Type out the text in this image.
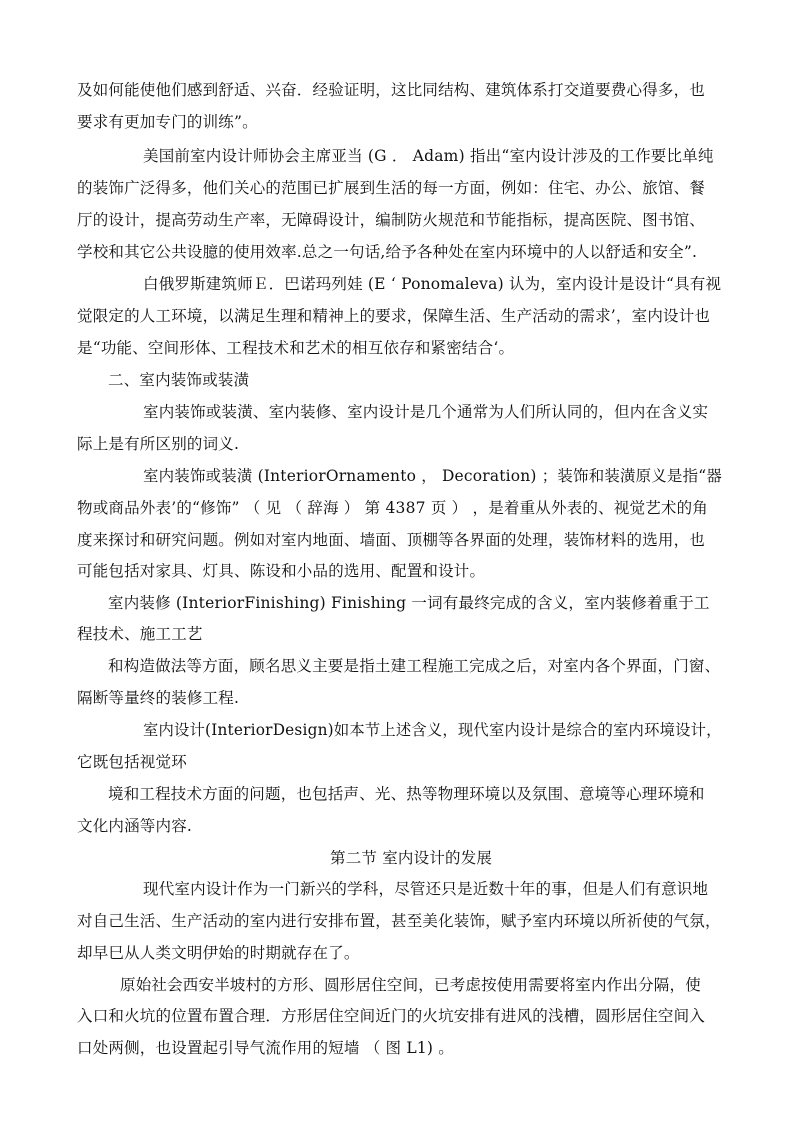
及如何能使他们感到舒适、兴奋．经验证明，这比同结构、建筑体系打交道要费心得多，也
要求有更加专门的训练”。
美国前室内设计师协会主席亚当 (G ． Adam) 指出“室内设计涉及的工作要比单纯
的装饰广泛得多，他们关心的范围已扩展到生活的每一方面，例如：住宅、办公、旅馆、餐
厅的设计，提高劳动生产率，无障碍设计，编制防火规范和节能指标，提高医院、图书馆、
学校和其它公共设臆的使用效率.总之一句话,给予各种处在室内环境中的人以舒适和安全”.
白俄罗斯建筑师Ｅ．巴诺玛列娃 (E ‘ Ponomaleva) 认为，室内设计是设计“具有视
觉限定的人工环境，以满足生理和精神上的要求，保障生活、生产活动的需求’，室内设计也
是“功能、空间形体、工程技术和艺术的相互依存和紧密结合‘。
二、室内装饰或装潢
室内装饰或装潢、室内装修、室内设计是几个通常为人们所认同的，但内在含义实
际上是有所区别的词义.
室内装饰或装潢 (InteriorOrnamento ， Decoration) ；装饰和装潢原义是指“器
物或商品外表’的“修饰” （ 见 （ 辞海 ） 第 4387 页 ） ，是着重从外表的、视觉艺术的角
度来探讨和研究问题。例如对室内地面、墙面、顶棚等各界面的处理，装饰材料的选用，也
可能包括对家具、灯具、陈设和小品的选用、配置和设计。
室内装修 (InteriorFinishing) Finishing 一词有最终完成的含义，室内装修着重于工
程技术、施工工艺
和构造做法等方面，顾名思义主要是指土建工程施工完成之后，对室内各个界面，门窗、
隔断等量终的装修工程.
室内设计(InteriorDesign)如本节上述含义，现代室内设计是综合的室内环境设计，
它既包括视觉环
境和工程技术方面的问题，也包括声、光、热等物理环境以及氛围、意境等心理环境和
文化内涵等内容.
第二节 室内设计的发展
现代室内设计作为一门新兴的学科，尽管还只是近数十年的事，但是人们有意识地
对自己生活、生产活动的室内进行安排布置，甚至美化装饰，赋予室内环境以所祈使的气氛，
却早巳从人类文明伊始的时期就存在了。
原始社会西安半坡村的方形、圆形居住空间，已考虑按使用需要将室内作出分隔，使
入口和火坑的位置布置合理．方形居住空间近门的火坑安排有进风的浅槽，圆形居住空间入
口处两侧，也设置起引导气流作用的短墙 （ 图 L1) 。
